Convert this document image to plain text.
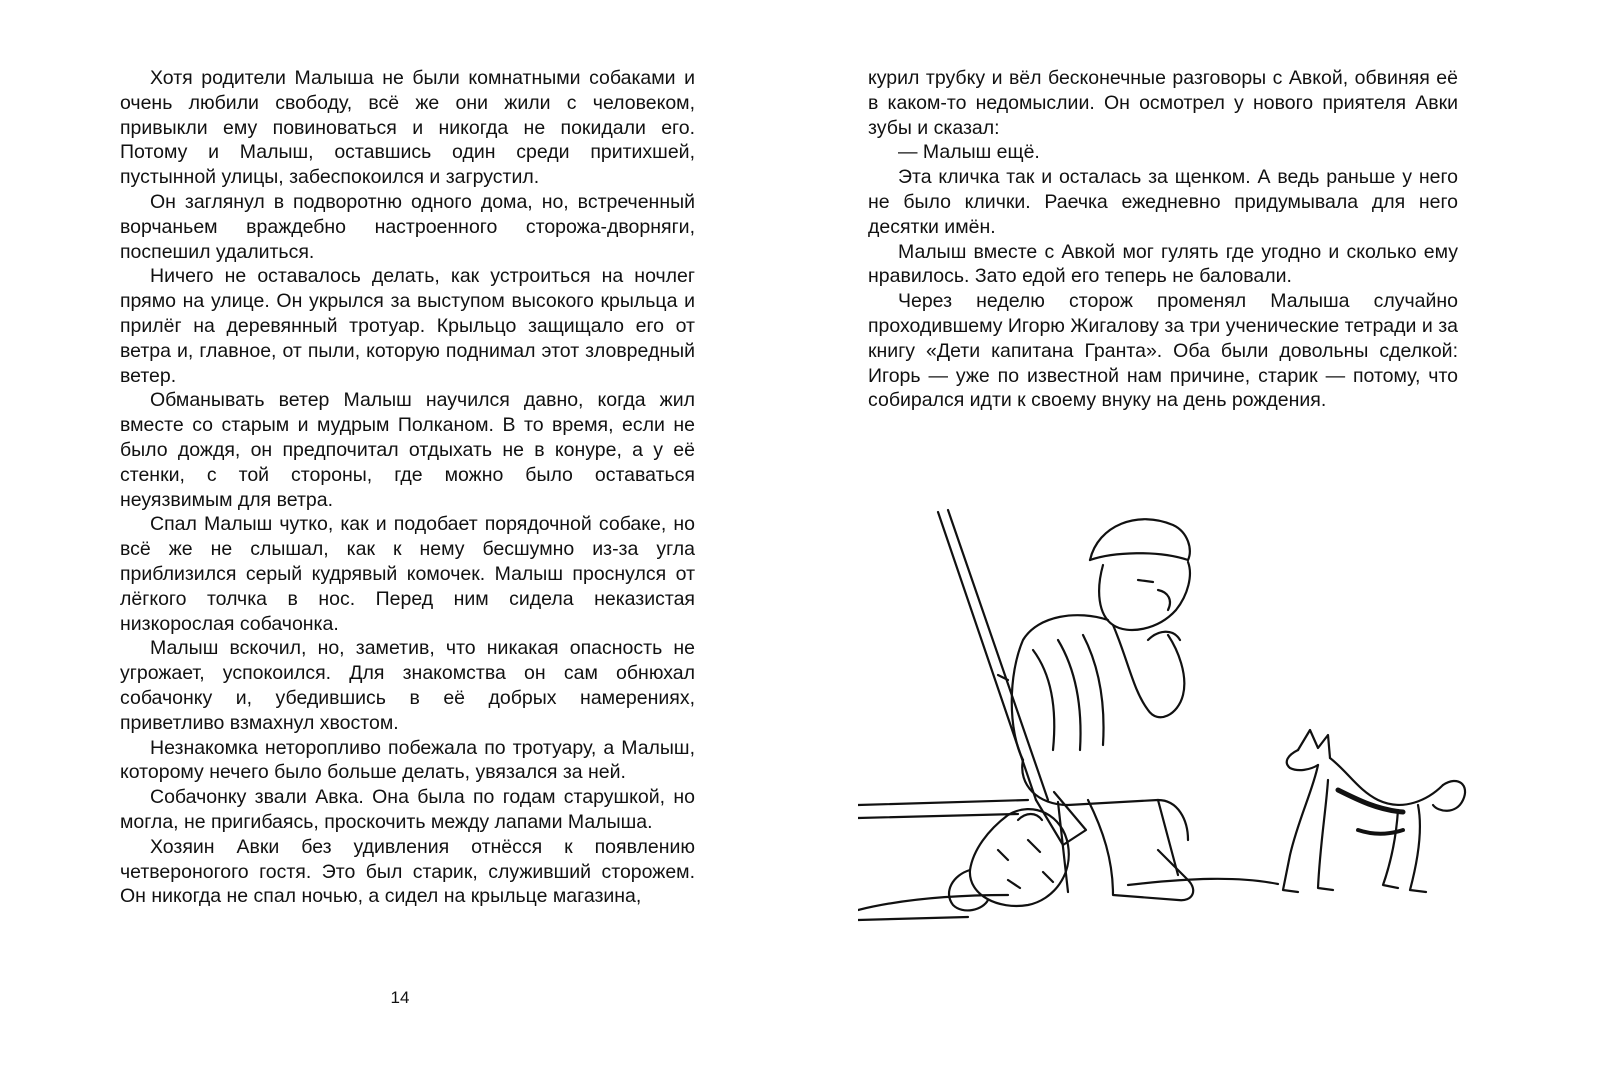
Хотя родители Малыша не были комнатными собаками и очень любили свободу, всё же они жили с человеком, привыкли ему повиноваться и никогда не покидали его. Потому и Малыш, оставшись один среди притихшей, пустынной улицы, забеспокоился и загрустил.

Он заглянул в подворотню одного дома, но, встреченный ворчаньем враждебно настроенного сторожа-дворняги, поспешил удалиться.

Ничего не оставалось делать, как устроиться на ночлег прямо на улице. Он укрылся за выступом высокого крыльца и прилёг на деревянный тротуар. Крыльцо защищало его от ветра и, главное, от пыли, которую поднимал этот зловредный ветер.

Обманывать ветер Малыш научился давно, когда жил вместе со старым и мудрым Полканом. В то время, если не было дождя, он предпочитал отдыхать не в конуре, а у её стенки, с той стороны, где можно было оставаться неуязвимым для ветра.

Спал Малыш чутко, как и подобает порядочной собаке, но всё же не слышал, как к нему бесшумно из-за угла приблизился серый кудрявый комочек. Малыш проснулся от лёгкого толчка в нос. Перед ним сидела неказистая низкорослая собачонка.

Малыш вскочил, но, заметив, что никакая опасность не угрожает, успокоился. Для знакомства он сам обнюхал собачонку и, убедившись в её добрых намерениях, приветливо взмахнул хвостом.

Незнакомка неторопливо побежала по тротуару, а Малыш, которому нечего было больше делать, увязался за ней.

Собачонку звали Авка. Она была по годам старушкой, но могла, не пригибаясь, проскочить между лапами Малыша.

Хозяин Авки без удивления отнёсся к появлению четвероногого гостя. Это был старик, служивший сторожем. Он никогда не спал ночью, а сидел на крыльце магазина,

14

курил трубку и вёл бесконечные разговоры с Авкой, обвиняя её в каком-то недомыслии. Он осмотрел у нового приятеля Авки зубы и сказал:

— Малыш ещё.

Эта кличка так и осталась за щенком. А ведь раньше у него не было клички. Раечка ежедневно придумывала для него десятки имён.

Малыш вместе с Авкой мог гулять где угодно и сколько ему нравилось. Зато едой его теперь не баловали.

Через неделю сторож променял Малыша случайно проходившему Игорю Жигалову за три ученические тетради и за книгу «Дети капитана Гранта». Оба были довольны сделкой: Игорь — уже по известной нам причине, старик — потому, что собирался идти к своему внуку на день рождения.
